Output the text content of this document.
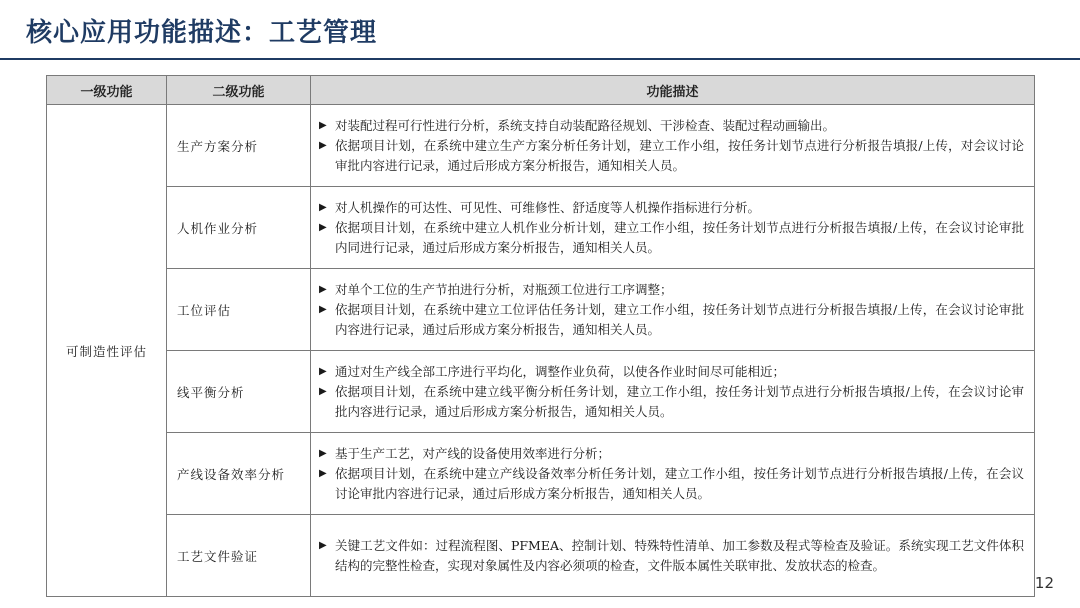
核心应用功能描述：工艺管理
一级功能	二级功能	功能描述
可制造性评估	生产方案分析	▶ 对装配过程可行性进行分析，系统支持自动装配路径规划、干涉检查、装配过程动画输出。
▶ 依据项目计划，在系统中建立生产方案分析任务计划，建立工作小组，按任务计划节点进行分析报告填报/上传，对会议讨论审批内容进行记录，通过后形成方案分析报告，通知相关人员。

	人机作业分析	▶ 对人机操作的可达性、可见性、可维修性、舒适度等人机操作指标进行分析。
▶ 依据项目计划，在系统中建立人机作业分析计划，建立工作小组，按任务计划节点进行分析报告填报/上传，在会议讨论审批内同进行记录，通过后形成方案分析报告，通知相关人员。

	工位评估	▶ 对单个工位的生产节拍进行分析，对瓶颈工位进行工序调整；
▶ 依据项目计划，在系统中建立工位评估任务计划，建立工作小组，按任务计划节点进行分析报告填报/上传，在会议讨论审批内容进行记录，通过后形成方案分析报告，通知相关人员。

	线平衡分析	▶ 通过对生产线全部工序进行平均化，调整作业负荷，以使各作业时间尽可能相近；
▶ 依据项目计划，在系统中建立线平衡分析任务计划，建立工作小组，按任务计划节点进行分析报告填报/上传，在会议讨论审批内容进行记录，通过后形成方案分析报告，通知相关人员。

	产线设备效率分析	▶ 基于生产工艺，对产线的设备使用效率进行分析；
▶ 依据项目计划，在系统中建立产线设备效率分析任务计划，建立工作小组，按任务计划节点进行分析报告填报/上传，在会议讨论审批内容进行记录，通过后形成方案分析报告，通知相关人员。

	工艺文件验证	▶ 关键工艺文件如：过程流程图、PFMEA、控制计划、特殊特性清单、加工参数及程式等检查及验证。系统实现工艺文件体积结构的完整性检查，实现对象属性及内容必须项的检查，文件版本属性关联审批、发放状态的检查。
12
